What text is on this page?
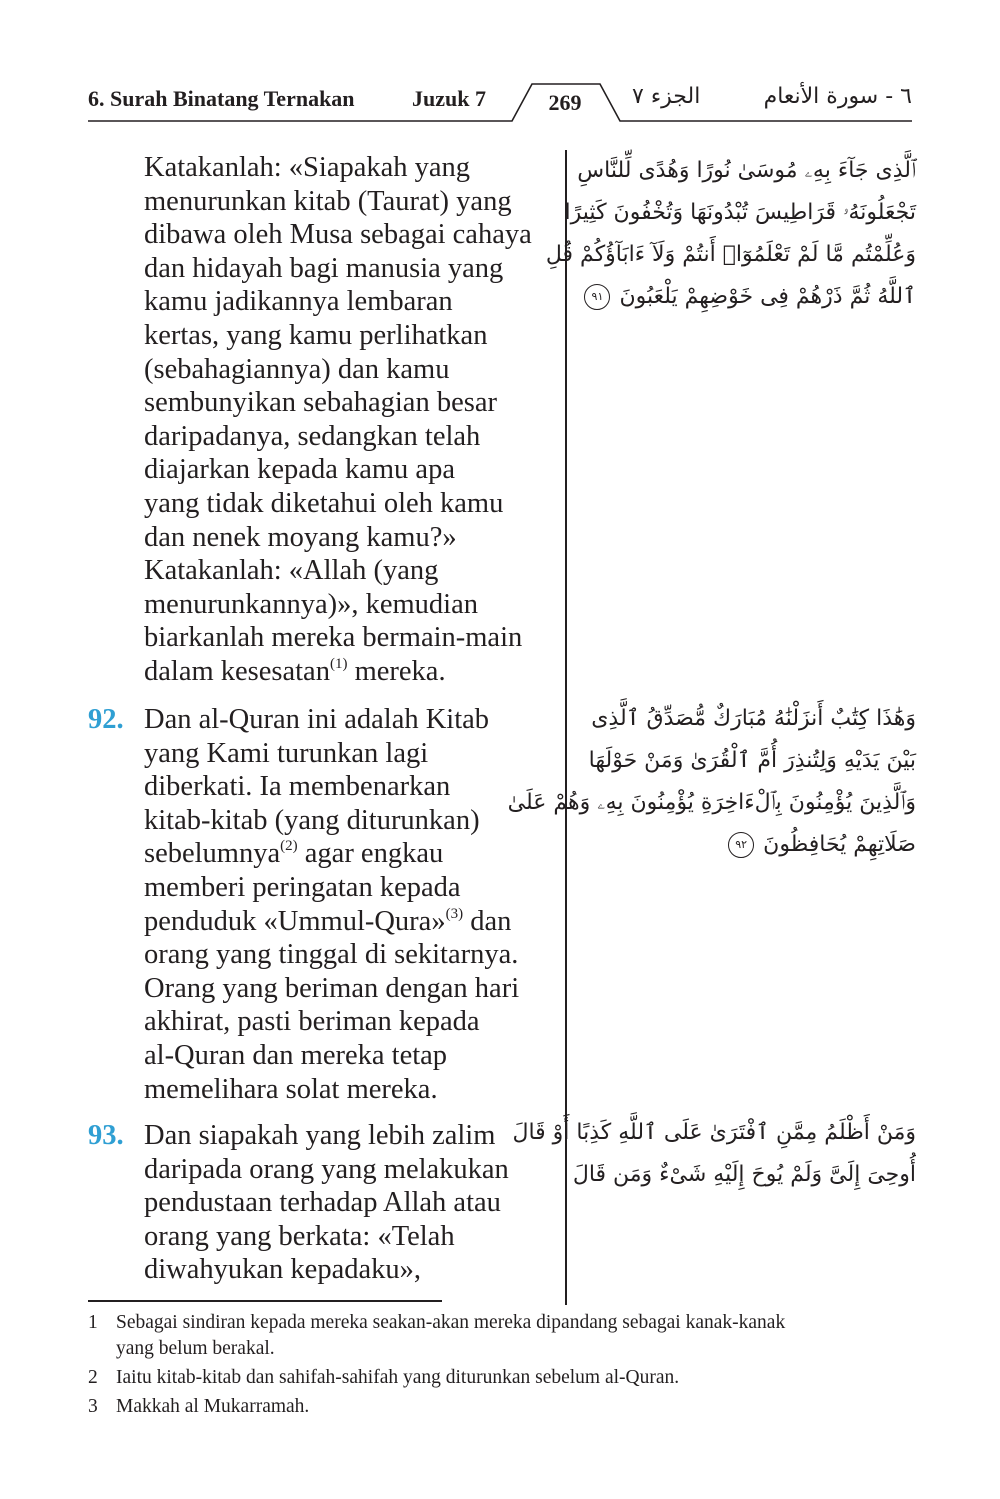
6. Surah Binatang Ternakan	Juzuk 7	269	الجزء ٧	٦ - سورة الأنعام
Katakanlah: «Siapakah yang
menurunkan kitab (Taurat) yang
dibawa oleh Musa sebagai cahaya
dan hidayah bagi manusia yang
kamu jadikannya lembaran
kertas, yang kamu perlihatkan
(sebahagiannya) dan kamu
sembunyikan sebahagian besar
daripadanya, sedangkan telah
diajarkan kepada kamu apa
yang tidak diketahui oleh kamu
dan nenek moyang kamu?»
Katakanlah: «Allah (yang
menurunkannya)», kemudian
biarkanlah mereka bermain-main
dalam kesesatan$^{(1)}$ mereka.
ٱلَّذِى جَآءَ بِهِۦ مُوسَىٰ نُورًا وَهُدًى لِّلنَّاسِ
تَجْعَلُونَهُۥ قَرَاطِيسَ تُبْدُونَهَا وَتُخْفُونَ كَثِيرًا
وَعُلِّمْتُم مَّا لَمْ تَعْلَمُوٓا۟ أَنتُمْ وَلَآ ءَابَآؤُكُمْ قُلِ
ٱللَّهُ ثُمَّ ذَرْهُمْ فِى خَوْضِهِمْ يَلْعَبُونَ ٩١
92. Dan al-Quran ini adalah Kitab
yang Kami turunkan lagi
diberkati. Ia membenarkan
kitab-kitab (yang diturunkan)
sebelumnya$^{(2)}$ agar engkau
memberi peringatan kepada
penduduk «Ummul-Qura»$^{(3)}$ dan
orang yang tinggal di sekitarnya.
Orang yang beriman dengan hari
akhirat, pasti beriman kepada
al-Quran dan mereka tetap
memelihara solat mereka.
وَهَٰذَا كِتَٰبٌ أَنزَلْنَٰهُ مُبَارَكٌ مُّصَدِّقُ ٱلَّذِى
بَيْنَ يَدَيْهِ وَلِتُنذِرَ أُمَّ ٱلْقُرَىٰ وَمَنْ حَوْلَهَا
وَٱلَّذِينَ يُؤْمِنُونَ بِٱلْءَاخِرَةِ يُؤْمِنُونَ بِهِۦ وَهُمْ عَلَىٰ
صَلَاتِهِمْ يُحَافِظُونَ ٩٢
93. Dan siapakah yang lebih zalim
daripada orang yang melakukan
pendustaan terhadap Allah atau
orang yang berkata: «Telah
diwahyukan kepadaku»,
وَمَنْ أَظْلَمُ مِمَّنِ ٱفْتَرَىٰ عَلَى ٱللَّهِ كَذِبًا أَوْ قَالَ
أُوحِىَ إِلَىَّ وَلَمْ يُوحَ إِلَيْهِ شَىْءٌ وَمَن قَالَ
1 Sebagai sindiran kepada mereka seakan-akan mereka dipandang sebagai kanak-kanak
yang belum berakal.
2 Iaitu kitab-kitab dan sahifah-sahifah yang diturunkan sebelum al-Quran.
3 Makkah al Mukarramah.
